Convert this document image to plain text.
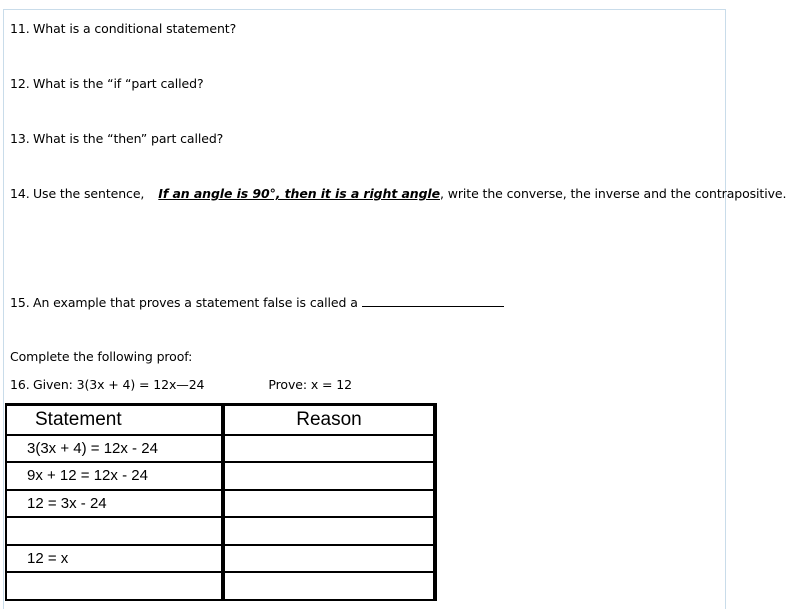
11. What is a conditional statement?
12. What is the “if “part called?
13. What is the “then” part called?
14. Use the sentence, If an angle is 90°, then it is a right angle, write the converse, the inverse and the contrapositive.
15. An example that proves a statement false is called a
Complete the following proof:
16. Given: 3(3x + 4) = 12x—24	Prove: x = 12
Statement	Reason
3(3x + 4) = 12x - 24	
9x + 12 = 12x - 24	
12 = 3x - 24	

12 = x	
